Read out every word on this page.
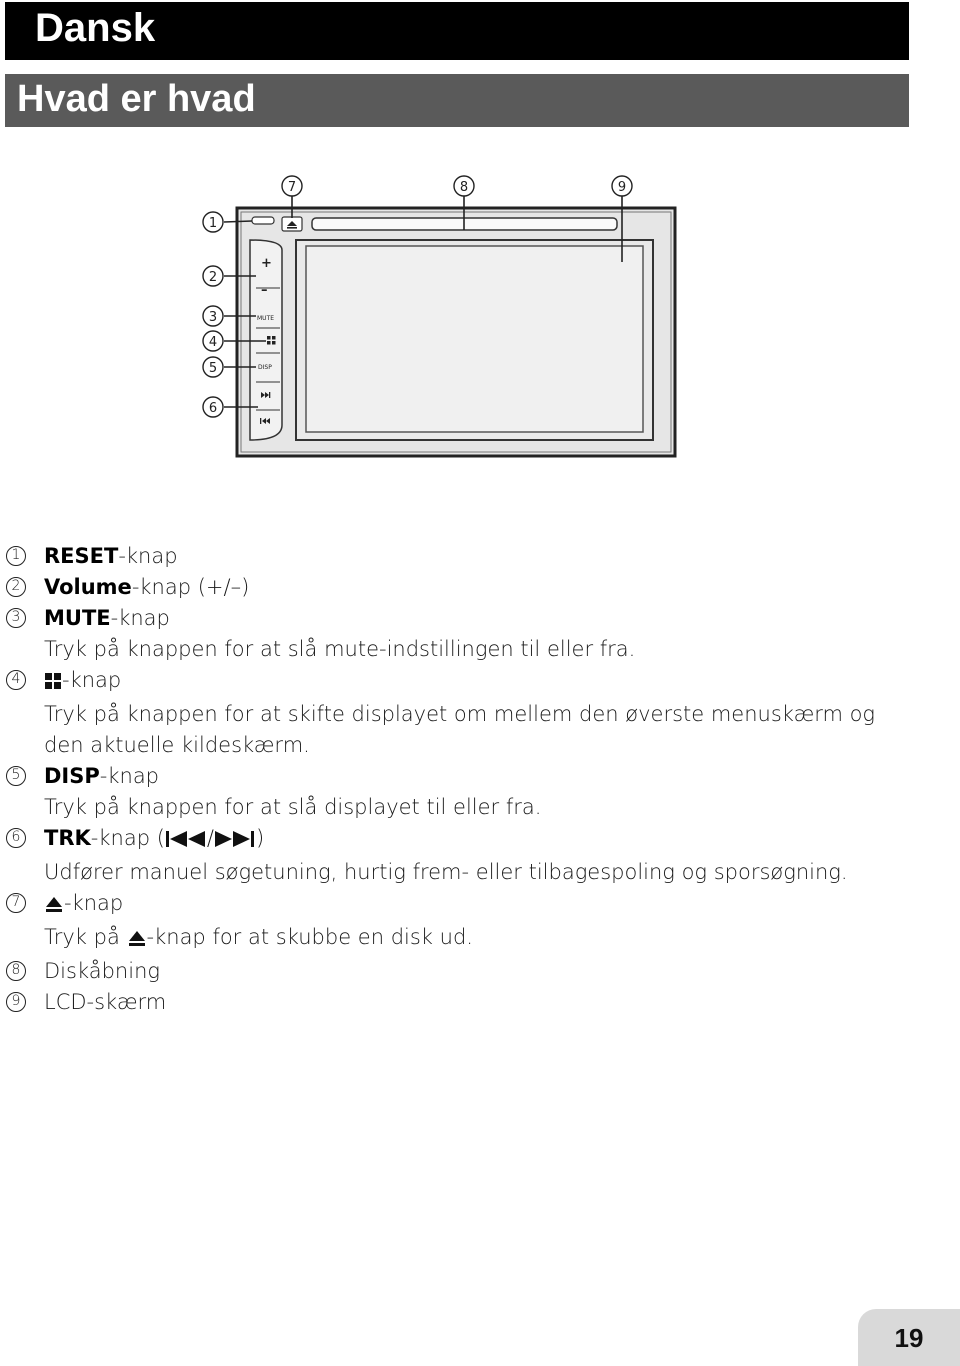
Dansk
Hvad er hvad
+
–
MUTE
DISP
1
2
3
4
5
6
7	8	9
1 RESET-knap
2 Volume-knap (+/–)
3 MUTE-knap
Tryk på knappen for at slå mute-indstillingen til eller fra.
4 -knap
Tryk på knappen for at skifte displayet om mellem den øverste menuskærm og den aktuelle kildeskærm.
5 DISP-knap
Tryk på knappen for at slå displayet til eller fra.
6 TRK-knap ( / )
Udfører manuel søgetuning, hurtig frem- eller tilbagespoling og sporsøgning.
7 -knap
Tryk på -knap for at skubbe en disk ud.
8 Diskåbning
9 LCD-skærm
19
